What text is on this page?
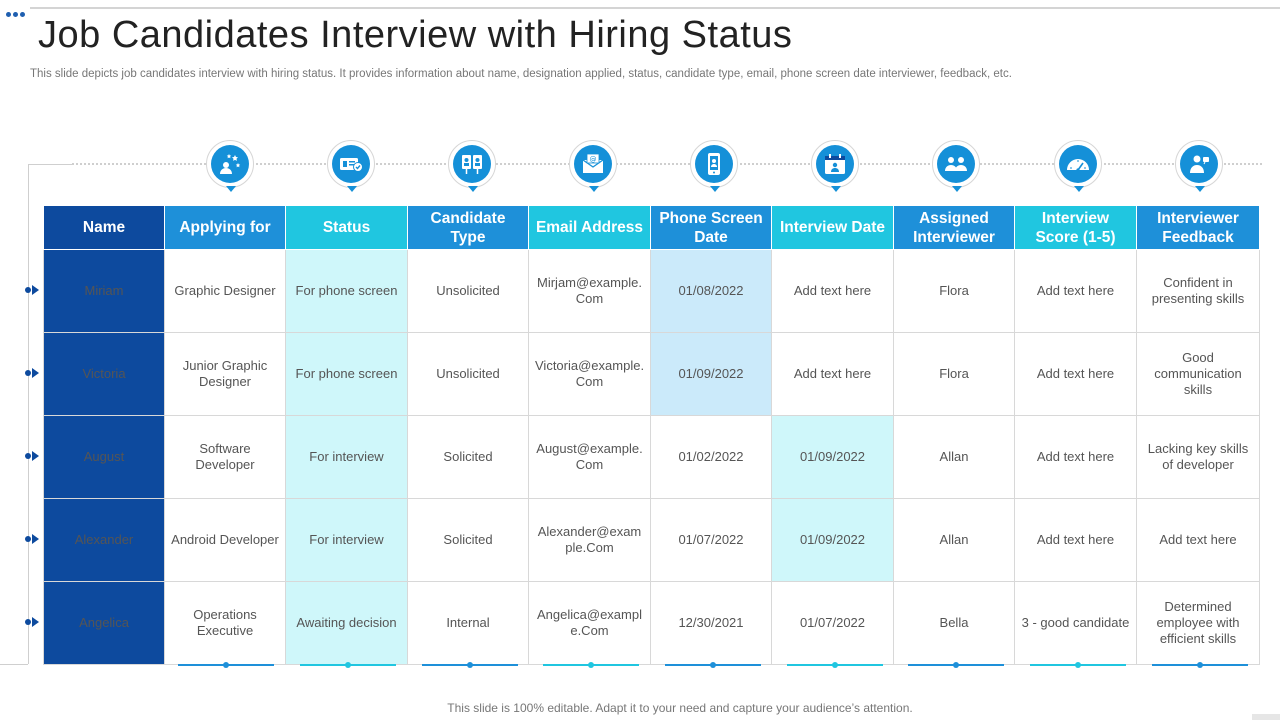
Job Candidates Interview with Hiring Status
This slide depicts job candidates interview with hiring status. It provides information about name, designation applied, status, candidate type, email, phone screen date interviewer, feedback, etc.
@
Name	Applying for	Status	Candidate Type	Email Address	Phone Screen Date	Interview Date	Assigned Interviewer	Interview Score (1-5)	Interviewer Feedback
Miriam	Graphic Designer	For phone screen	Unsolicited	Mirjam@example. Com	01/08/2022	Add text here	Flora	Add text here	Confident in presenting skills
Victoria	Junior Graphic Designer	For phone screen	Unsolicited	Victoria@example. Com	01/09/2022	Add text here	Flora	Add text here	Good communication skills
August	Software Developer	For interview	Solicited	August@example. Com	01/02/2022	01/09/2022	Allan	Add text here	Lacking key skills of developer
Alexander	Android Developer	For interview	Solicited	Alexander@exam ple.Com	01/07/2022	01/09/2022	Allan	Add text here	Add text here
Angelica	Operations Executive	Awaiting decision	Internal	Angelica@exampl e.Com	12/30/2021	01/07/2022	Bella	3 - good candidate	Determined employee with efficient skills
This slide is 100% editable. Adapt it to your need and capture your audience’s attention.
